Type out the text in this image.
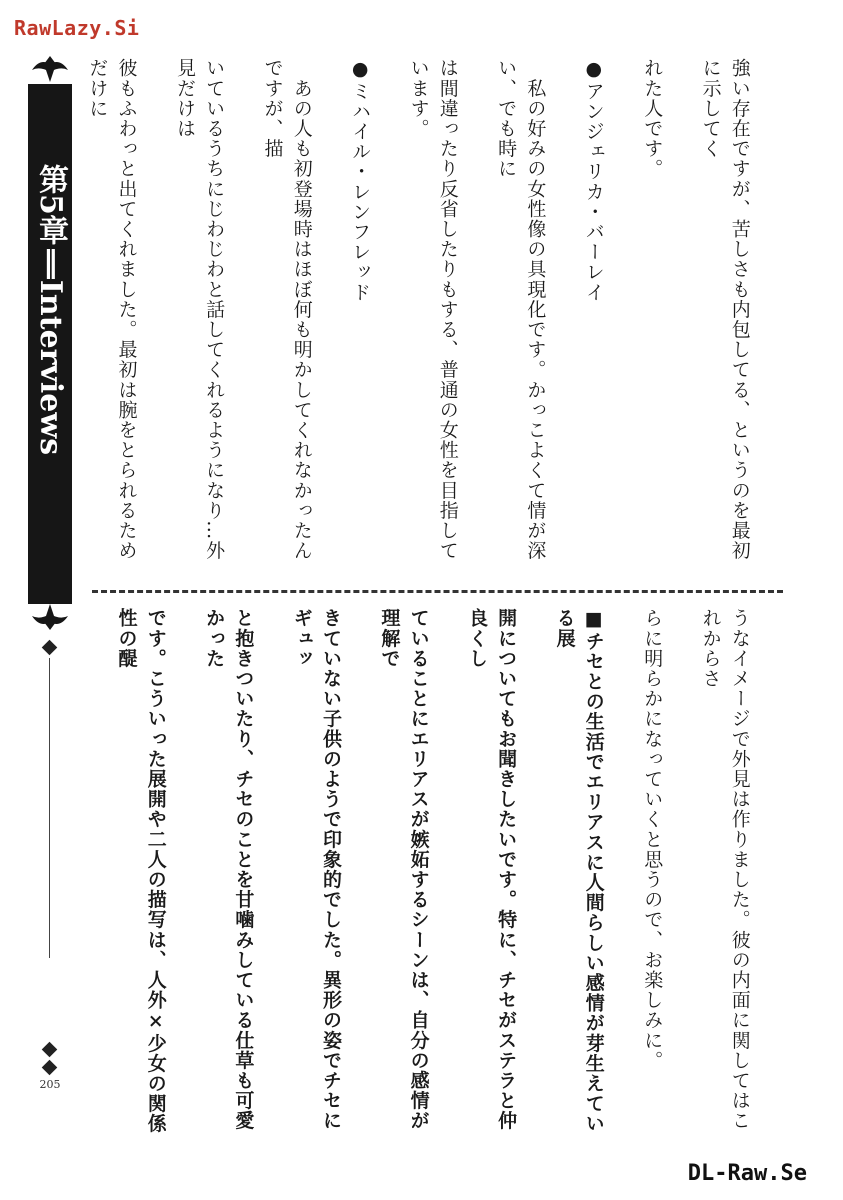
RawLazy.Si
第5章‖Interviews
205

強い存在ですが、苦しさも内包してる、というのを最初に示してく

れた人です。

●アンジェリカ・バーレイ

　私の好みの女性像の具現化です。かっこよくて情が深い、でも時に

は間違ったり反省したりもする、普通の女性を目指しています。

●ミハイル・レンフレッド

　あの人も初登場時はほぼ何も明かしてくれなかったんですが、描

いているうちにじわじわと話してくれるようになり…外見だけは

彼もふわっと出てくれました。最初は腕をとられるためだけに

うなイメージで外見は作りました。彼の内面に関してはこれからさ

らに明らかになっていくと思うので、お楽しみに。

■チセとの生活でエリアスに人間らしい感情が芽生えている展

開についてもお聞きしたいです。特に、チセがステラと仲良くし

ていることにエリアスが嫉妬するシーンは、自分の感情が理解で

きていない子供のようで印象的でした。異形の姿でチセにギュッ

と抱きついたり、チセのことを甘噛みしている仕草も可愛かった

です。こういった展開や二人の描写は、人外×少女の関係性の醍

DL-Raw.Se
